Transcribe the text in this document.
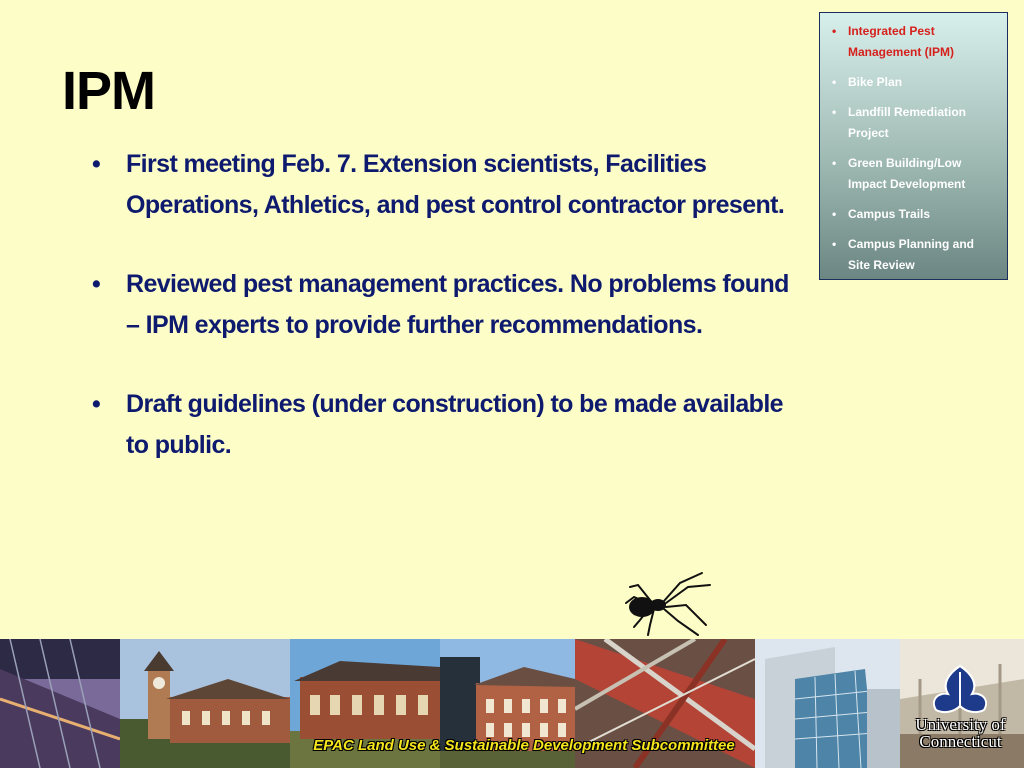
IPM
• First meeting Feb. 7. Extension scientists, Facilities Operations, Athletics, and pest control contractor present.
• Reviewed pest management practices. No problems found – IPM experts to provide further recommendations.
• Draft guidelines (under construction) to be made available to public.
• Integrated Pest Management (IPM)
• Bike Plan
• Landfill Remediation Project
• Green Building/Low Impact Development
• Campus Trails
• Campus Planning and Site Review
University of
Connecticut
EPAC Land Use & Sustainable Development Subcommittee
